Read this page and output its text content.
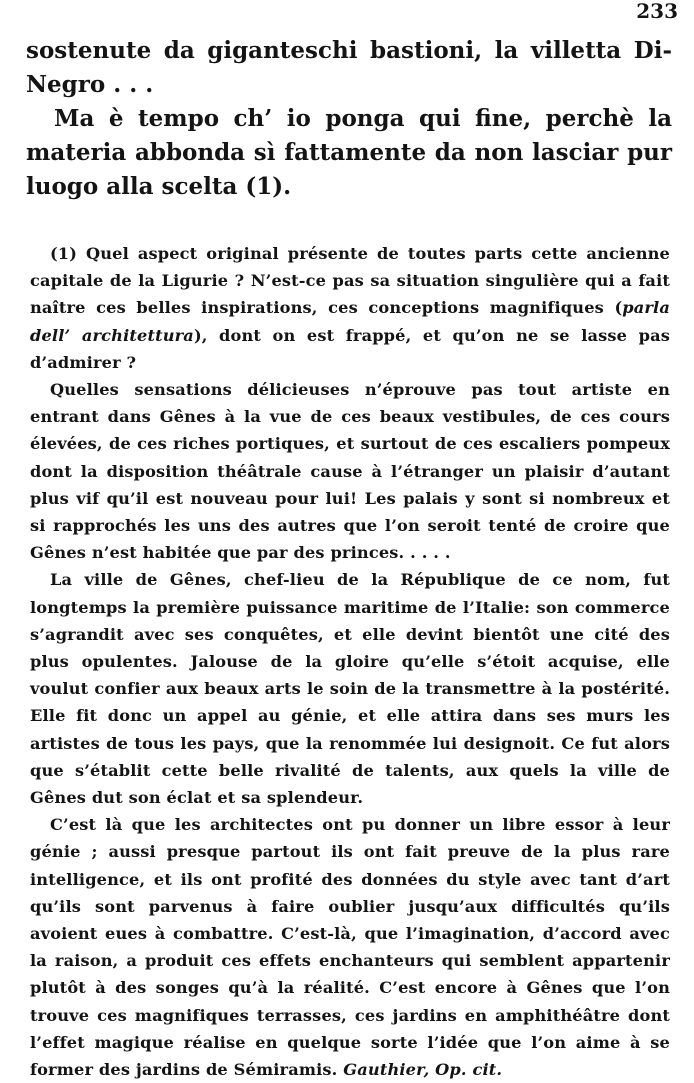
233

sostenute da giganteschi bastioni, la villetta Di-Negro . . .

Ma è tempo ch’ io ponga qui fine, perchè la materia abbonda sì fattamente da non lasciar pur luogo alla scelta (1).

(1) Quel aspect original présente de toutes parts cette ancienne capitale de la Ligurie ? N’est-ce pas sa situation singulière qui a fait naître ces belles inspirations, ces conceptions magnifiques (parla dell’ architettura), dont on est frappé, et qu’on ne se lasse pas d’admirer ?

Quelles sensations délicieuses n’éprouve pas tout artiste en entrant dans Gênes à la vue de ces beaux vestibules, de ces cours élevées, de ces riches portiques, et surtout de ces escaliers pompeux dont la disposition théâtrale cause à l’étranger un plaisir d’autant plus vif qu’il est nouveau pour lui! Les palais y sont si nombreux et si rapprochés les uns des autres que l’on seroit tenté de croire que Gênes n’est habitée que par des princes. . . . .

La ville de Gênes, chef-lieu de la République de ce nom, fut longtemps la première puissance maritime de l’Italie: son commerce s’agrandit avec ses conquêtes, et elle devint bientôt une cité des plus opulentes. Jalouse de la gloire qu’elle s’étoit acquise, elle voulut confier aux beaux arts le soin de la transmettre à la postérité. Elle fit donc un appel au génie, et elle attira dans ses murs les artistes de tous les pays, que la renommée lui designoit. Ce fut alors que s’établit cette belle rivalité de talents, aux quels la ville de Gênes dut son éclat et sa splendeur.

C’est là que les architectes ont pu donner un libre essor à leur génie ; aussi presque partout ils ont fait preuve de la plus rare intelligence, et ils ont profité des données du style avec tant d’art qu’ils sont parvenus à faire oublier jusqu’aux difficultés qu’ils avoient eues à combattre. C’est-là, que l’imagination, d’accord avec la raison, a produit ces effets enchanteurs qui semblent appartenir plutôt à des songes qu’à la réalité. C’est encore à Gênes que l’on trouve ces magnifiques terrasses, ces jardins en amphithéâtre dont l’effet magique réalise en quelque sorte l’idée que l’on aime à se former des jardins de Sémiramis. Gauthier, Op. cit.
